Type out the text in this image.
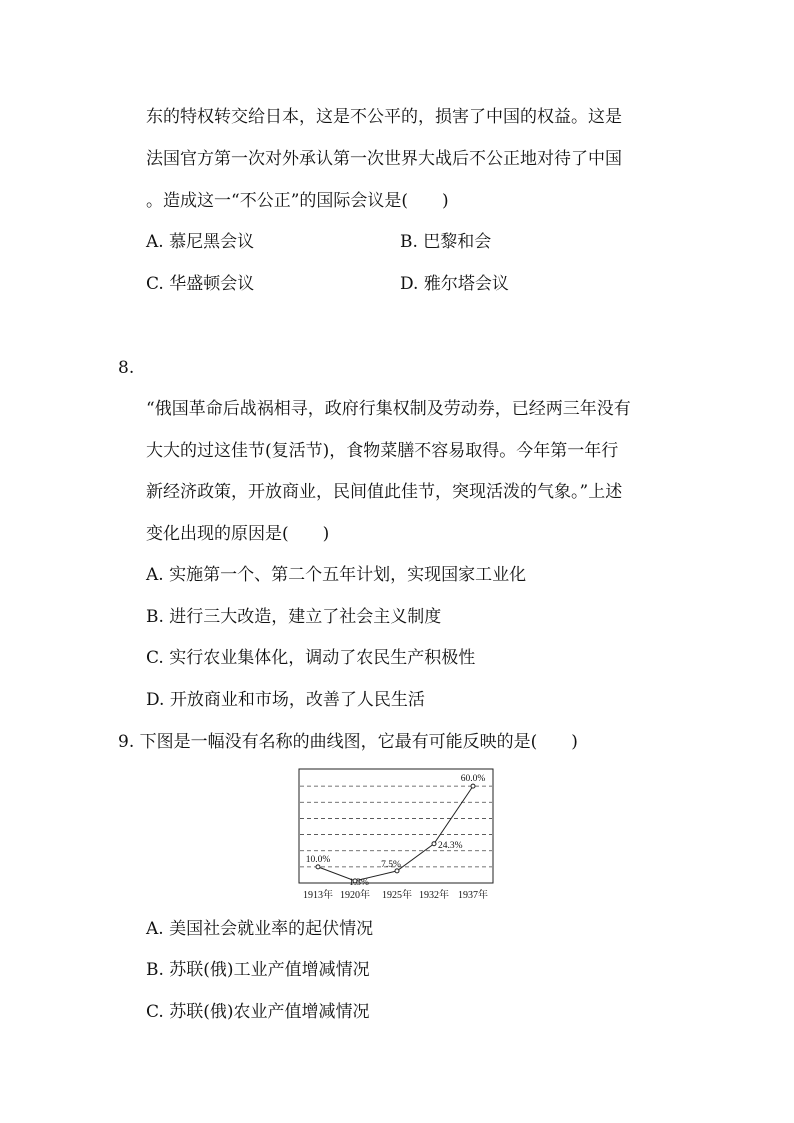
东的特权转交给日本，这是不公平的，损害了中国的权益。这是
法国官方第一次对外承认第一次世界大战后不公正地对待了中国
。造成这一“不公正”的国际会议是(　　)
A. 慕尼黑会议	B. 巴黎和会
C. 华盛顿会议	D. 雅尔塔会议
8.
“俄国革命后战祸相寻，政府行集权制及劳动券，已经两三年没有
大大的过这佳节(复活节)，食物菜膳不容易取得。今年第一年行
新经济政策，开放商业，民间值此佳节，突现活泼的气象。”上述
变化出现的原因是(　　)
A. 实施第一个、第二个五年计划，实现国家工业化
B. 进行三大改造，建立了社会主义制度
C. 实行农业集体化，调动了农民生产积极性
D. 开放商业和市场，改善了人民生活
9. 下图是一幅没有名称的曲线图，它最有可能反映的是(　　)
10.0%
1.3%
7.5%
24.3%
60.0%
1913年 1920年 1925年 1932年 1937年
A. 美国社会就业率的起伏情况
B. 苏联(俄)工业产值增减情况
C. 苏联(俄)农业产值增减情况
